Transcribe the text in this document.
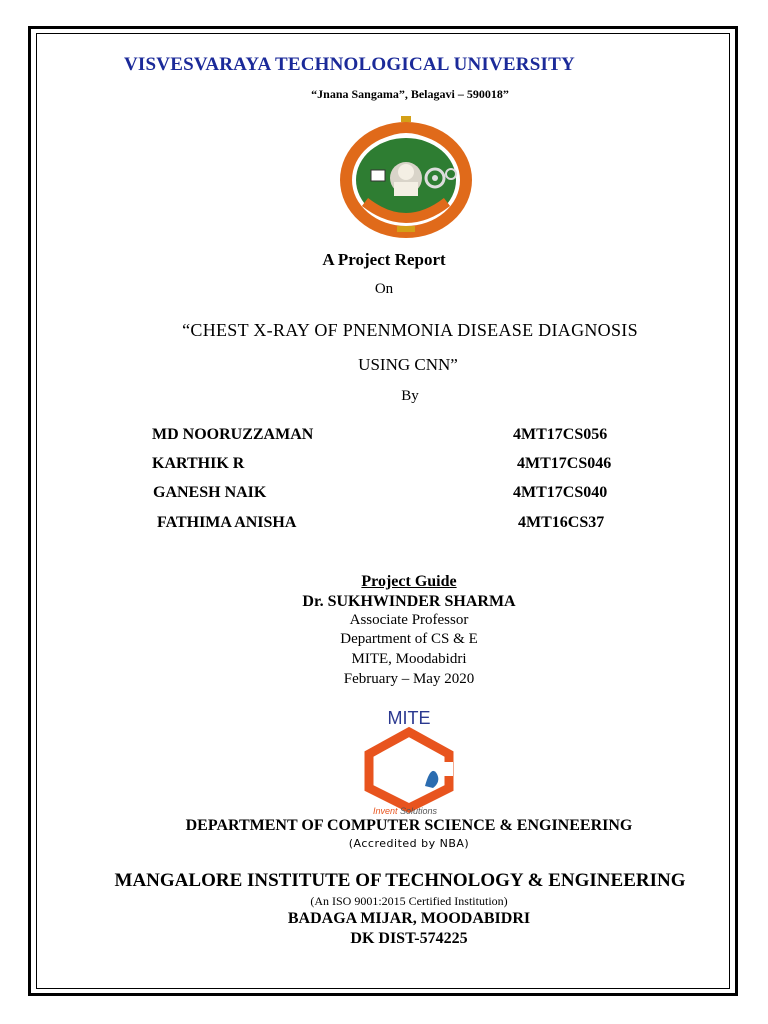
VISVESVARAYA TECHNOLOGICAL UNIVERSITY
“Jnana Sangama”, Belagavi – 590018”
A Project Report
On
“CHEST X-RAY OF PNENMONIA DISEASE DIAGNOSIS
USING CNN”
By
MD NOORUZZAMAN	4MT17CS056
KARTHIK R	4MT17CS046
GANESH NAIK	4MT17CS040
FATHIMA ANISHA	4MT16CS37
Project Guide
Dr. SUKHWINDER SHARMA
Associate Professor
Department of CS & E
MITE, Moodabidri
February – May 2020
MITE
Invent Solutions
DEPARTMENT OF COMPUTER SCIENCE & ENGINEERING
(Accredited by NBA)
MANGALORE INSTITUTE OF TECHNOLOGY & ENGINEERING
(An ISO 9001:2015 Certified Institution)
BADAGA MIJAR, MOODABIDRI
DK DIST-574225
